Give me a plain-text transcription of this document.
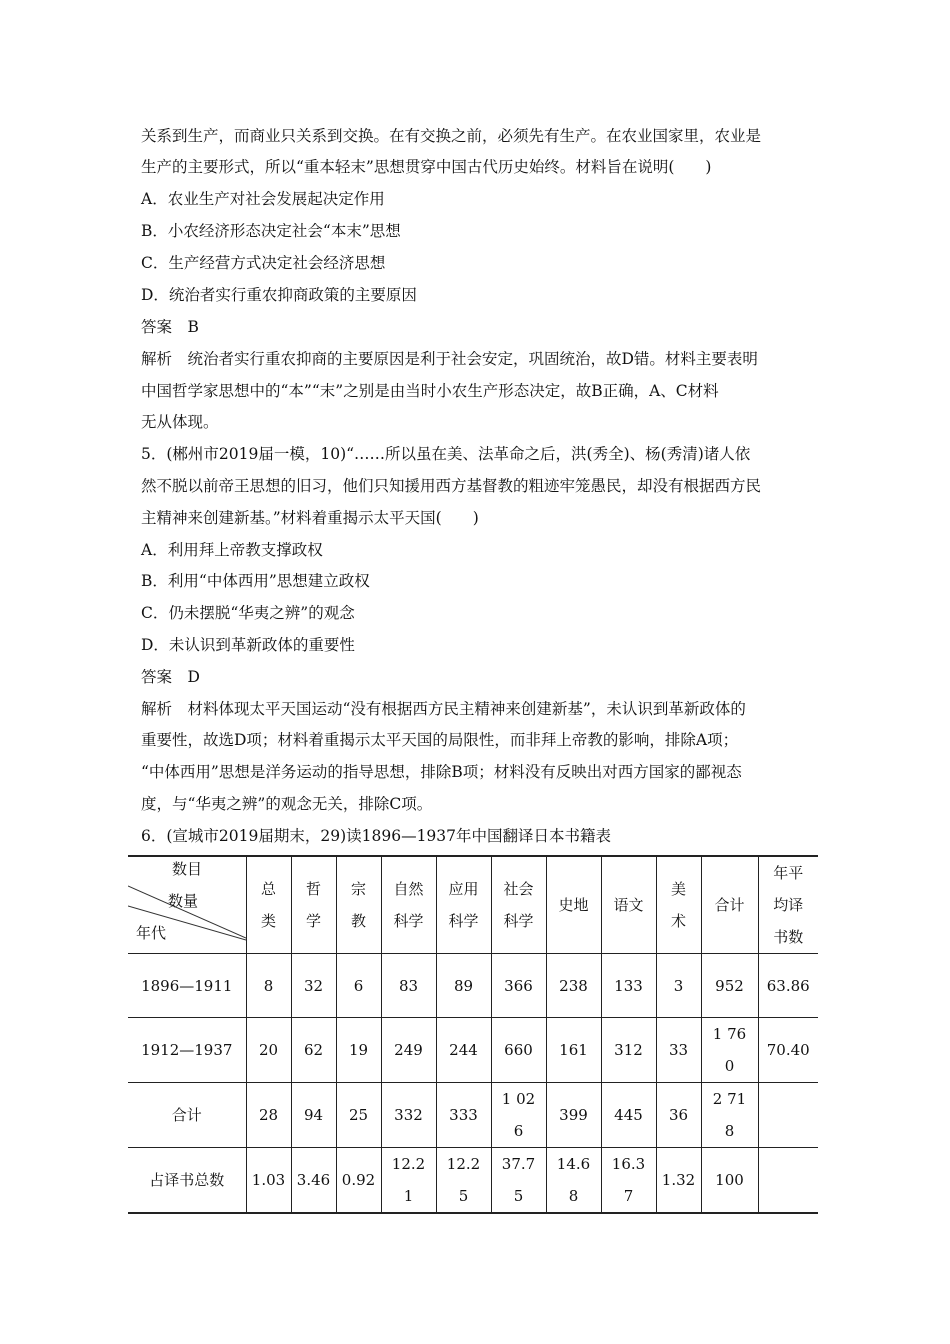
关系到生产，而商业只关系到交换。在有交换之前，必须先有生产。在农业国家里，农业是
生产的主要形式，所以“重本轻末”思想贯穿中国古代历史始终。材料旨在说明(　　)
A．农业生产对社会发展起决定作用
B．小农经济形态决定社会“本末”思想
C．生产经营方式决定社会经济思想
D．统治者实行重农抑商政策的主要原因
答案　B
解析　统治者实行重农抑商的主要原因是利于社会安定，巩固统治，故D错。材料主要表明
中国哲学家思想中的“本”“末”之别是由当时小农生产形态决定，故B正确，A、C材料
无从体现。
5．(郴州市2019届一模，10)“……所以虽在美、法革命之后，洪(秀全)、杨(秀清)诸人依
然不脱以前帝王思想的旧习，他们只知援用西方基督教的粗迹牢笼愚民，却没有根据西方民
主精神来创建新基。”材料着重揭示太平天国(　　)
A．利用拜上帝教支撑政权
B．利用“中体西用”思想建立政权
C．仍未摆脱“华夷之辨”的观念
D．未认识到革新政体的重要性
答案　D
解析　材料体现太平天国运动“没有根据西方民主精神来创建新基”，未认识到革新政体的
重要性，故选D项；材料着重揭示太平天国的局限性，而非拜上帝教的影响，排除A项；
“中体西用”思想是洋务运动的指导思想，排除B项；材料没有反映出对西方国家的鄙视态
度，与“华夷之辨”的观念无关，排除C项。
6．(宣城市2019届期末，29)读1896—1937年中国翻译日本书籍表
数目
数量
年代	总类	哲学	宗教	自然科学	应用科学	社会科学	史地	语文	美术	合计	年平均译书数
1896—1911	8	32	6	83	89	366	238	133	3	952	63.86
1912—1937	20	62	19	249	244	660	161	312	33	1 760	70.40
合计	28	94	25	332	333	1 026	399	445	36	2 718	
占译书总数	1.03	3.46	0.92	12.21	12.25	37.75	14.68	16.37	1.32	100	
